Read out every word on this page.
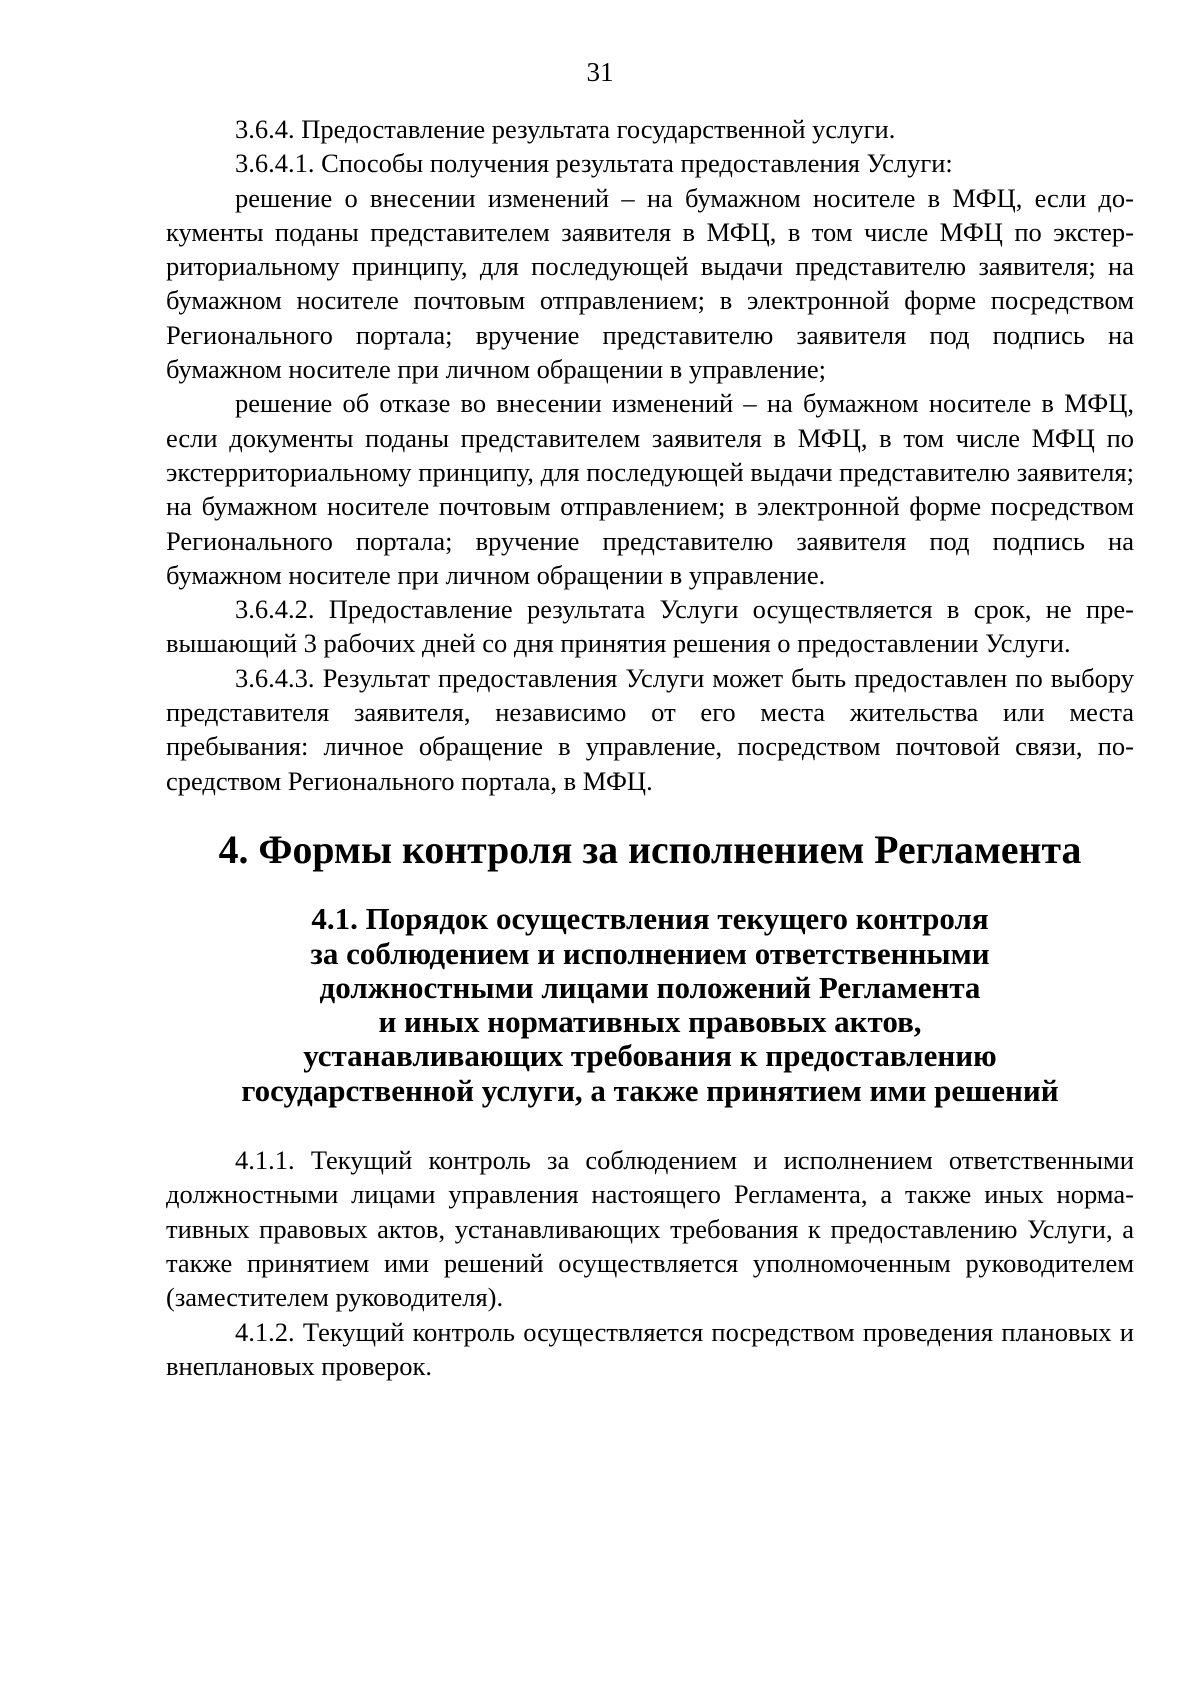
31

3.6.4. Предоставление результата государственной услуги.

3.6.4.1. Способы получения результата предоставления Услуги:

решение о внесении изменений – на бумажном носителе в МФЦ, если документы поданы представителем заявителя в МФЦ, в том числе МФЦ по экстерриториальному принципу, для последующей выдачи представителю заявителя; на бумажном носителе почтовым отправлением; в электронной форме посредством Регионального портала; вручение представителю заявителя под подпись на бумажном носителе при личном обращении в управление;

решение об отказе во внесении изменений – на бумажном носителе в МФЦ, если документы поданы представителем заявителя в МФЦ, в том числе МФЦ по экстерриториальному принципу, для последующей выдачи представителю заявителя; на бумажном носителе почтовым отправлением; в электронной форме посредством Регионального портала; вручение представителю заявителя под подпись на бумажном носителе при личном обращении в управление.

3.6.4.2. Предоставление результата Услуги осуществляется в срок, не превышающий 3 рабочих дней со дня принятия решения о предоставлении Услуги.

3.6.4.3. Результат предоставления Услуги может быть предоставлен по выбору представителя заявителя, независимо от его места жительства или места пребывания: личное обращение в управление, посредством почтовой связи, посредством Регионального портала, в МФЦ.

4. Формы контроля за исполнением Регламента
4.1. Порядок осуществления текущего контроля
за соблюдением и исполнением ответственными
должностными лицами положений Регламента
и иных нормативных правовых актов,
устанавливающих требования к предоставлению
государственной услуги, а также принятием ими решений

4.1.1. Текущий контроль за соблюдением и исполнением ответственными должностными лицами управления настоящего Регламента, а также иных нормативных правовых актов, устанавливающих требования к предоставлению Услуги, а также принятием ими решений осуществляется уполномоченным руководителем (заместителем руководителя).

4.1.2. Текущий контроль осуществляется посредством проведения плановых и внеплановых проверок.
